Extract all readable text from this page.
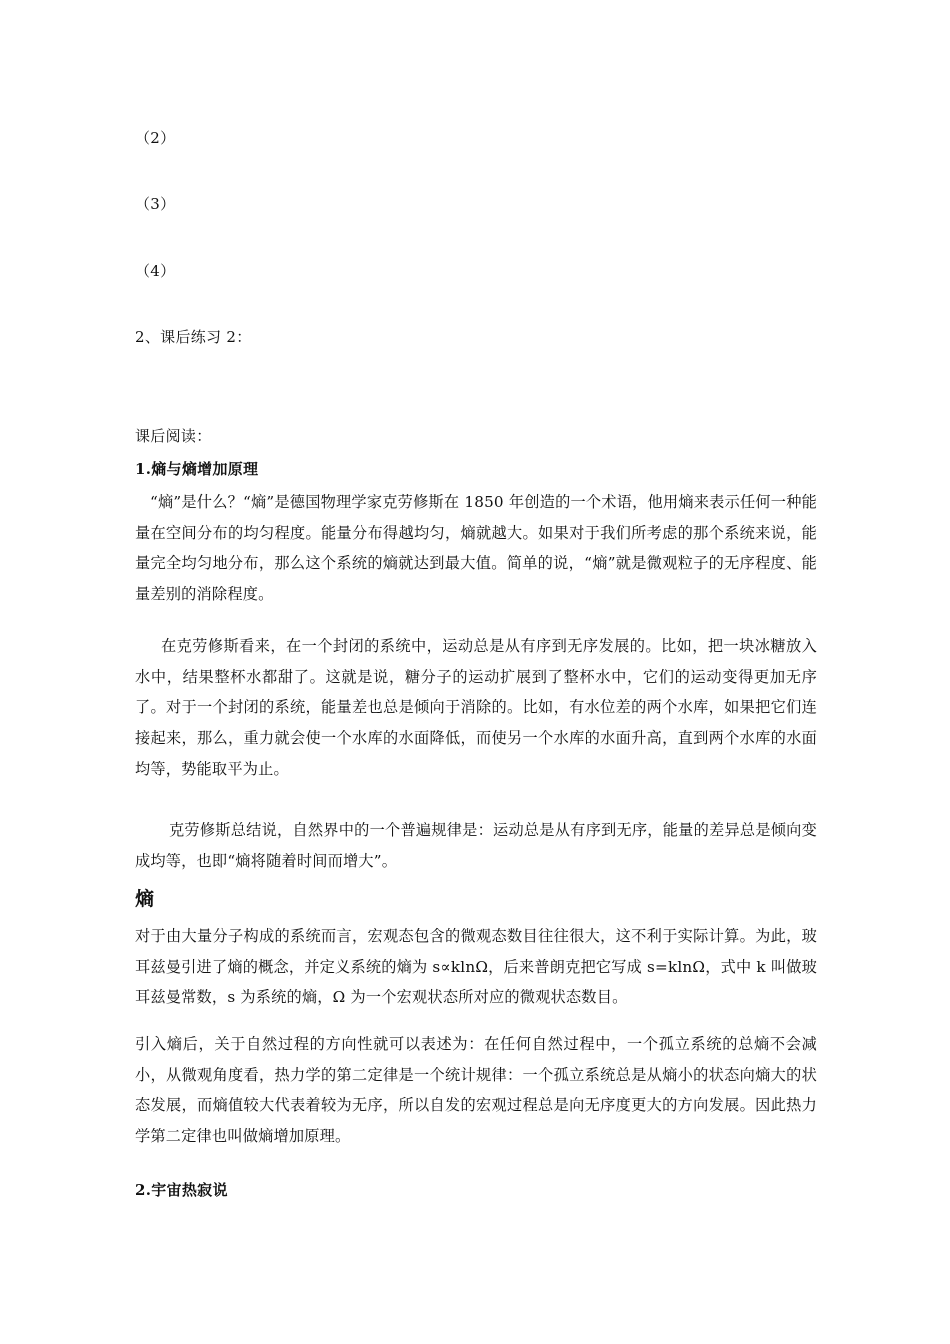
（2）
（3）
（4）
2、课后练习 2：
课后阅读：
1.熵与熵增加原理
“熵”是什么？“熵”是德国物理学家克劳修斯在 1850 年创造的一个术语，他用熵来表示任何一种能量在空间分布的均匀程度。能量分布得越均匀，熵就越大。如果对于我们所考虑的那个系统来说，能量完全均匀地分布，那么这个系统的熵就达到最大值。简单的说，“熵”就是微观粒子的无序程度、能量差别的消除程度。
在克劳修斯看来，在一个封闭的系统中，运动总是从有序到无序发展的。比如，把一块冰糖放入水中，结果整杯水都甜了。这就是说，糖分子的运动扩展到了整杯水中，它们的运动变得更加无序了。对于一个封闭的系统，能量差也总是倾向于消除的。比如，有水位差的两个水库，如果把它们连接起来，那么，重力就会使一个水库的水面降低，而使另一个水库的水面升高，直到两个水库的水面均等，势能取平为止。
克劳修斯总结说，自然界中的一个普遍规律是：运动总是从有序到无序，能量的差异总是倾向变成均等，也即“熵将随着时间而增大”。
熵
对于由大量分子构成的系统而言，宏观态包含的微观态数目往往很大，这不利于实际计算。为此，玻耳兹曼引进了熵的概念，并定义系统的熵为 s∝klnΩ，后来普朗克把它写成 s=klnΩ，式中 k 叫做玻耳兹曼常数，s 为系统的熵，Ω 为一个宏观状态所对应的微观状态数目。
引入熵后，关于自然过程的方向性就可以表述为：在任何自然过程中，一个孤立系统的总熵不会减小，从微观角度看，热力学的第二定律是一个统计规律：一个孤立系统总是从熵小的状态向熵大的状态发展，而熵值较大代表着较为无序，所以自发的宏观过程总是向无序度更大的方向发展。因此热力学第二定律也叫做熵增加原理。
2.宇宙热寂说
